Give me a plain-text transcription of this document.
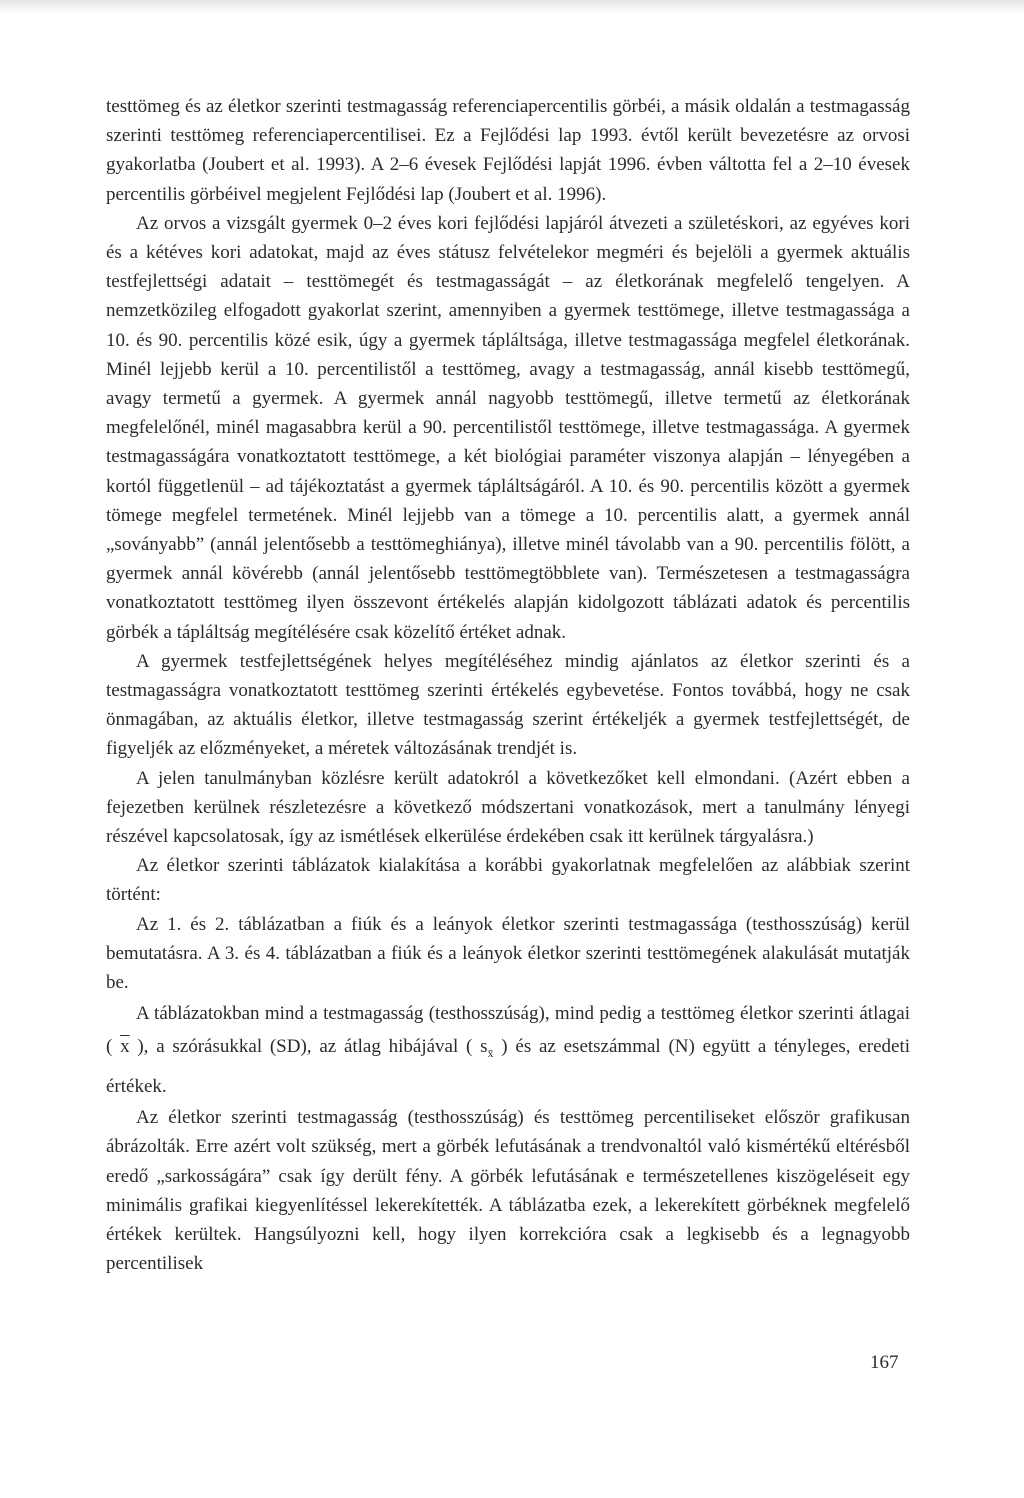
testtömeg és az életkor szerinti testmagasság referenciapercentilis görbéi, a másik oldalán a testmagasság szerinti testtömeg referenciapercentilisei. Ez a Fejlődési lap 1993. évtől került bevezetésre az orvosi gyakorlatba (Joubert et al. 1993). A 2–6 évesek Fejlődési lapját 1996. évben váltotta fel a 2–10 évesek percentilis görbéivel megjelent Fejlődési lap (Joubert et al. 1996).

Az orvos a vizsgált gyermek 0–2 éves kori fejlődési lapjáról átvezeti a születéskori, az egyéves kori és a kétéves kori adatokat, majd az éves státusz felvételekor megméri és bejelöli a gyermek aktuális testfejlettségi adatait – testtömegét és testmagasságát – az életkorának megfelelő tengelyen. A nemzetközileg elfogadott gyakorlat szerint, amennyiben a gyermek testtömege, illetve testmagassága a 10. és 90. percentilis közé esik, úgy a gyermek tápláltsága, illetve testmagassága megfelel életkorának. Minél lejjebb kerül a 10. percentilistől a testtömeg, avagy a testmagasság, annál kisebb testtömegű, avagy termetű a gyermek. A gyermek annál nagyobb testtömegű, illetve termetű az életkorának megfelelőnél, minél magasabbra kerül a 90. percentilistől testtömege, illetve testmagassága. A gyermek testmagasságára vonatkoztatott testtömege, a két biológiai paraméter viszonya alapján – lényegében a kortól függetlenül – ad tájékoztatást a gyermek tápláltságáról. A 10. és 90. percentilis között a gyermek tömege megfelel termetének. Minél lejjebb van a tömege a 10. percentilis alatt, a gyermek annál „soványabb” (annál jelentősebb a testtömeghiánya), illetve minél távolabb van a 90. percentilis fölött, a gyermek annál kövérebb (annál jelentősebb testtömegtöbblete van). Természetesen a testmagasságra vonatkoztatott testtömeg ilyen összevont értékelés alapján kidolgozott táblázati adatok és percentilis görbék a tápláltság megítélésére csak közelítő értéket adnak.

A gyermek testfejlettségének helyes megítéléséhez mindig ajánlatos az életkor szerinti és a testmagasságra vonatkoztatott testtömeg szerinti értékelés egybevetése. Fontos továbbá, hogy ne csak önmagában, az aktuális életkor, illetve testmagasság szerint értékeljék a gyermek testfejlettségét, de figyeljék az előzményeket, a méretek változásának trendjét is.

A jelen tanulmányban közlésre került adatokról a következőket kell elmondani. (Azért ebben a fejezetben kerülnek részletezésre a következő módszertani vonatkozások, mert a tanulmány lényegi részével kapcsolatosak, így az ismétlések elkerülése érdekében csak itt kerülnek tárgyalásra.)

Az életkor szerinti táblázatok kialakítása a korábbi gyakorlatnak megfelelően az alábbiak szerint történt:

Az 1. és 2. táblázatban a fiúk és a leányok életkor szerinti testmagassága (testhosszúság) kerül bemutatásra. A 3. és 4. táblázatban a fiúk és a leányok életkor szerinti testtömegének alakulását mutatják be.

A táblázatokban mind a testmagasság (testhosszúság), mind pedig a testtömeg életkor szerinti átlagai ( $\overline{x}$ ), a szórásukkal (SD), az átlag hibájával ( $s_{x̄}$ ) és az esetszámmal (N) együtt a tényleges, eredeti értékek.

Az életkor szerinti testmagasság (testhosszúság) és testtömeg percentiliseket először grafikusan ábrázolták. Erre azért volt szükség, mert a görbék lefutásának a trendvonaltól való kismértékű eltérésből eredő „sarkosságára” csak így derült fény. A görbék lefutásának e természetellenes kiszögeléseit egy minimális grafikai kiegyenlítéssel lekerekítették. A táblázatba ezek, a lekerekített görbéknek megfelelő értékek kerültek. Hangsúlyozni kell, hogy ilyen korrekcióra csak a legkisebb és a legnagyobb percentilisek

167
